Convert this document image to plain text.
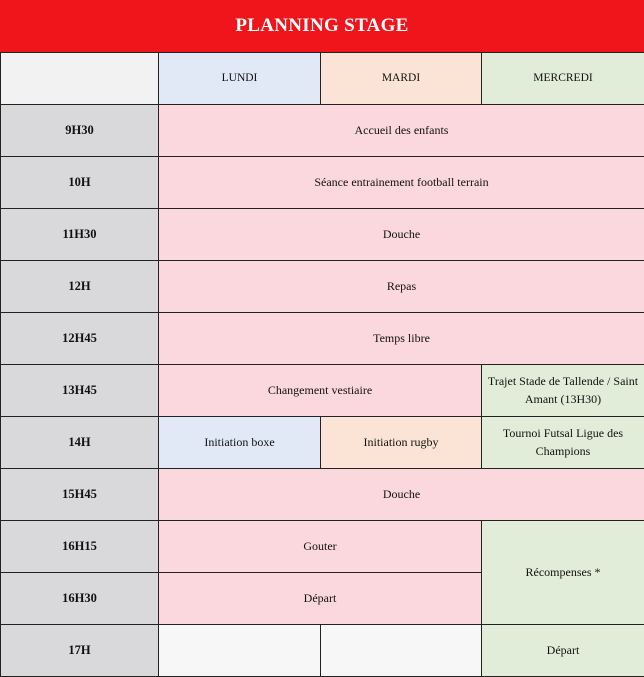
PLANNING STAGE
	LUNDI	MARDI	MERCREDI
9H30	Accueil des enfants		
10H	Séance entrainement football terrain		
11H30	Douche		
12H	Repas		
12H45	Temps libre		
13H45	Changement vestiaire		Trajet Stade de Tallende / Saint Amant (13H30)
14H	Initiation boxe	Initiation rugby	Tournoi Futsal Ligue des Champions
15H45	Douche		
16H15	Gouter		Récompenses *
16H30	Départ		
17H			Départ
